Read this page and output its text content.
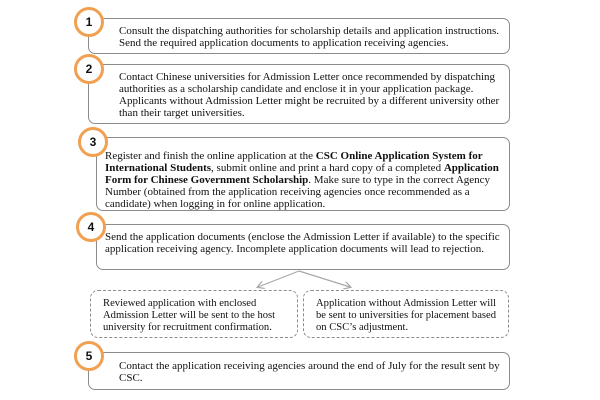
Consult the dispatching authorities for scholarship details and application instructions. Send the required application documents to application receiving agencies.

1

Contact Chinese universities for Admission Letter once recommended by dispatching authorities as a scholarship candidate and enclose it in your application package. Applicants without Admission Letter might be recruited by a different university other than their target universities.

2

Register and finish the online application at the CSC Online Application System for International Students, submit online and print a hard copy of a completed Application Form for Chinese Government Scholarship. Make sure to type in the correct Agency Number (obtained from the application receiving agencies once recommended as a candidate) when logging in for online application.

3

Send the application documents (enclose the Admission Letter if available) to the specific application receiving agency. Incomplete application documents will lead to rejection.

4

Reviewed application with enclosed Admission Letter will be sent to the host university for recruitment confirmation.

Application without Admission Letter will be sent to universities for placement based on CSC’s adjustment.

Contact the application receiving agencies around the end of July for the result sent by CSC.

5
